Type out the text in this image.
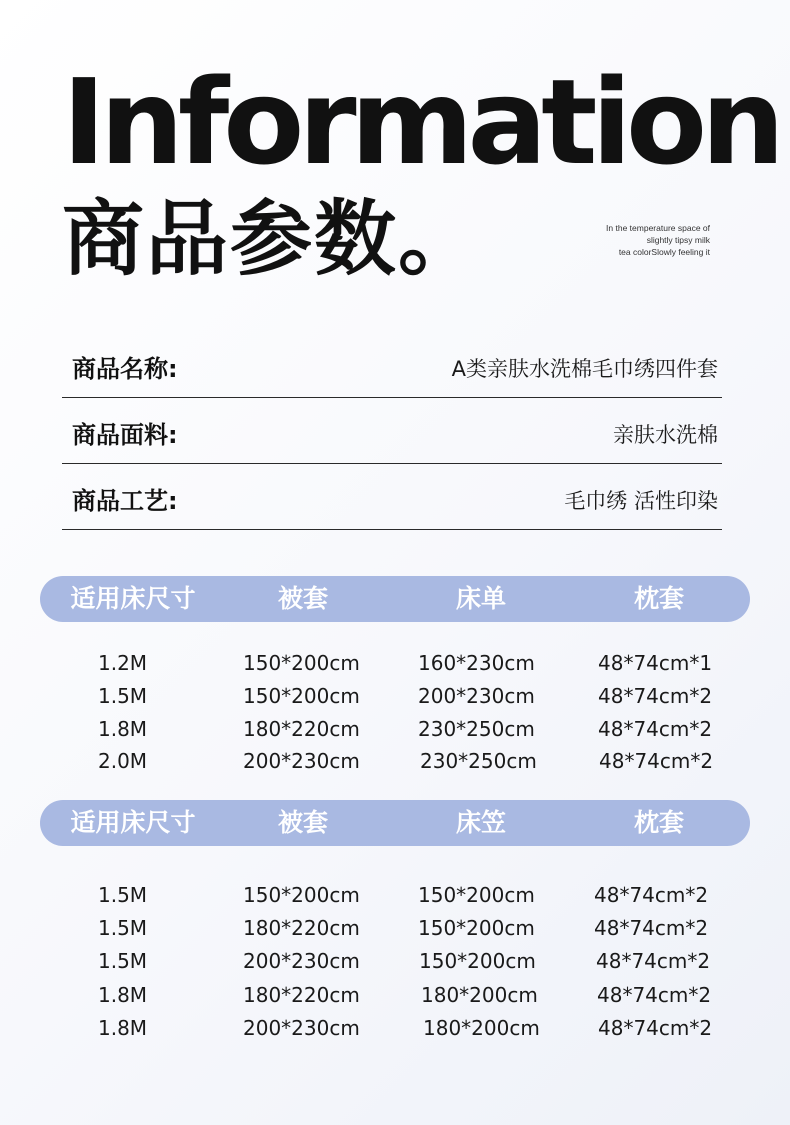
Information
商品参数。	In the temperature space of
slightly tipsy milk
tea colorSlowly feeling it
商品名称:	A类亲肤水洗棉毛巾绣四件套
商品面料:	亲肤水洗棉
商品工艺:	毛巾绣 活性印染
适用床尺寸	被套	床单	枕套
1.2M	150*200cm	160*230cm	48*74cm*1
1.5M	150*200cm	200*230cm	48*74cm*2
1.8M	180*220cm	230*250cm	48*74cm*2
2.0M	200*230cm	230*250cm	48*74cm*2
适用床尺寸	被套	床笠	枕套
1.5M	150*200cm	150*200cm	48*74cm*2
1.5M	180*220cm	150*200cm	48*74cm*2
1.5M	200*230cm	150*200cm	48*74cm*2
1.8M	180*220cm	180*200cm	48*74cm*2
1.8M	200*230cm	180*200cm	48*74cm*2
